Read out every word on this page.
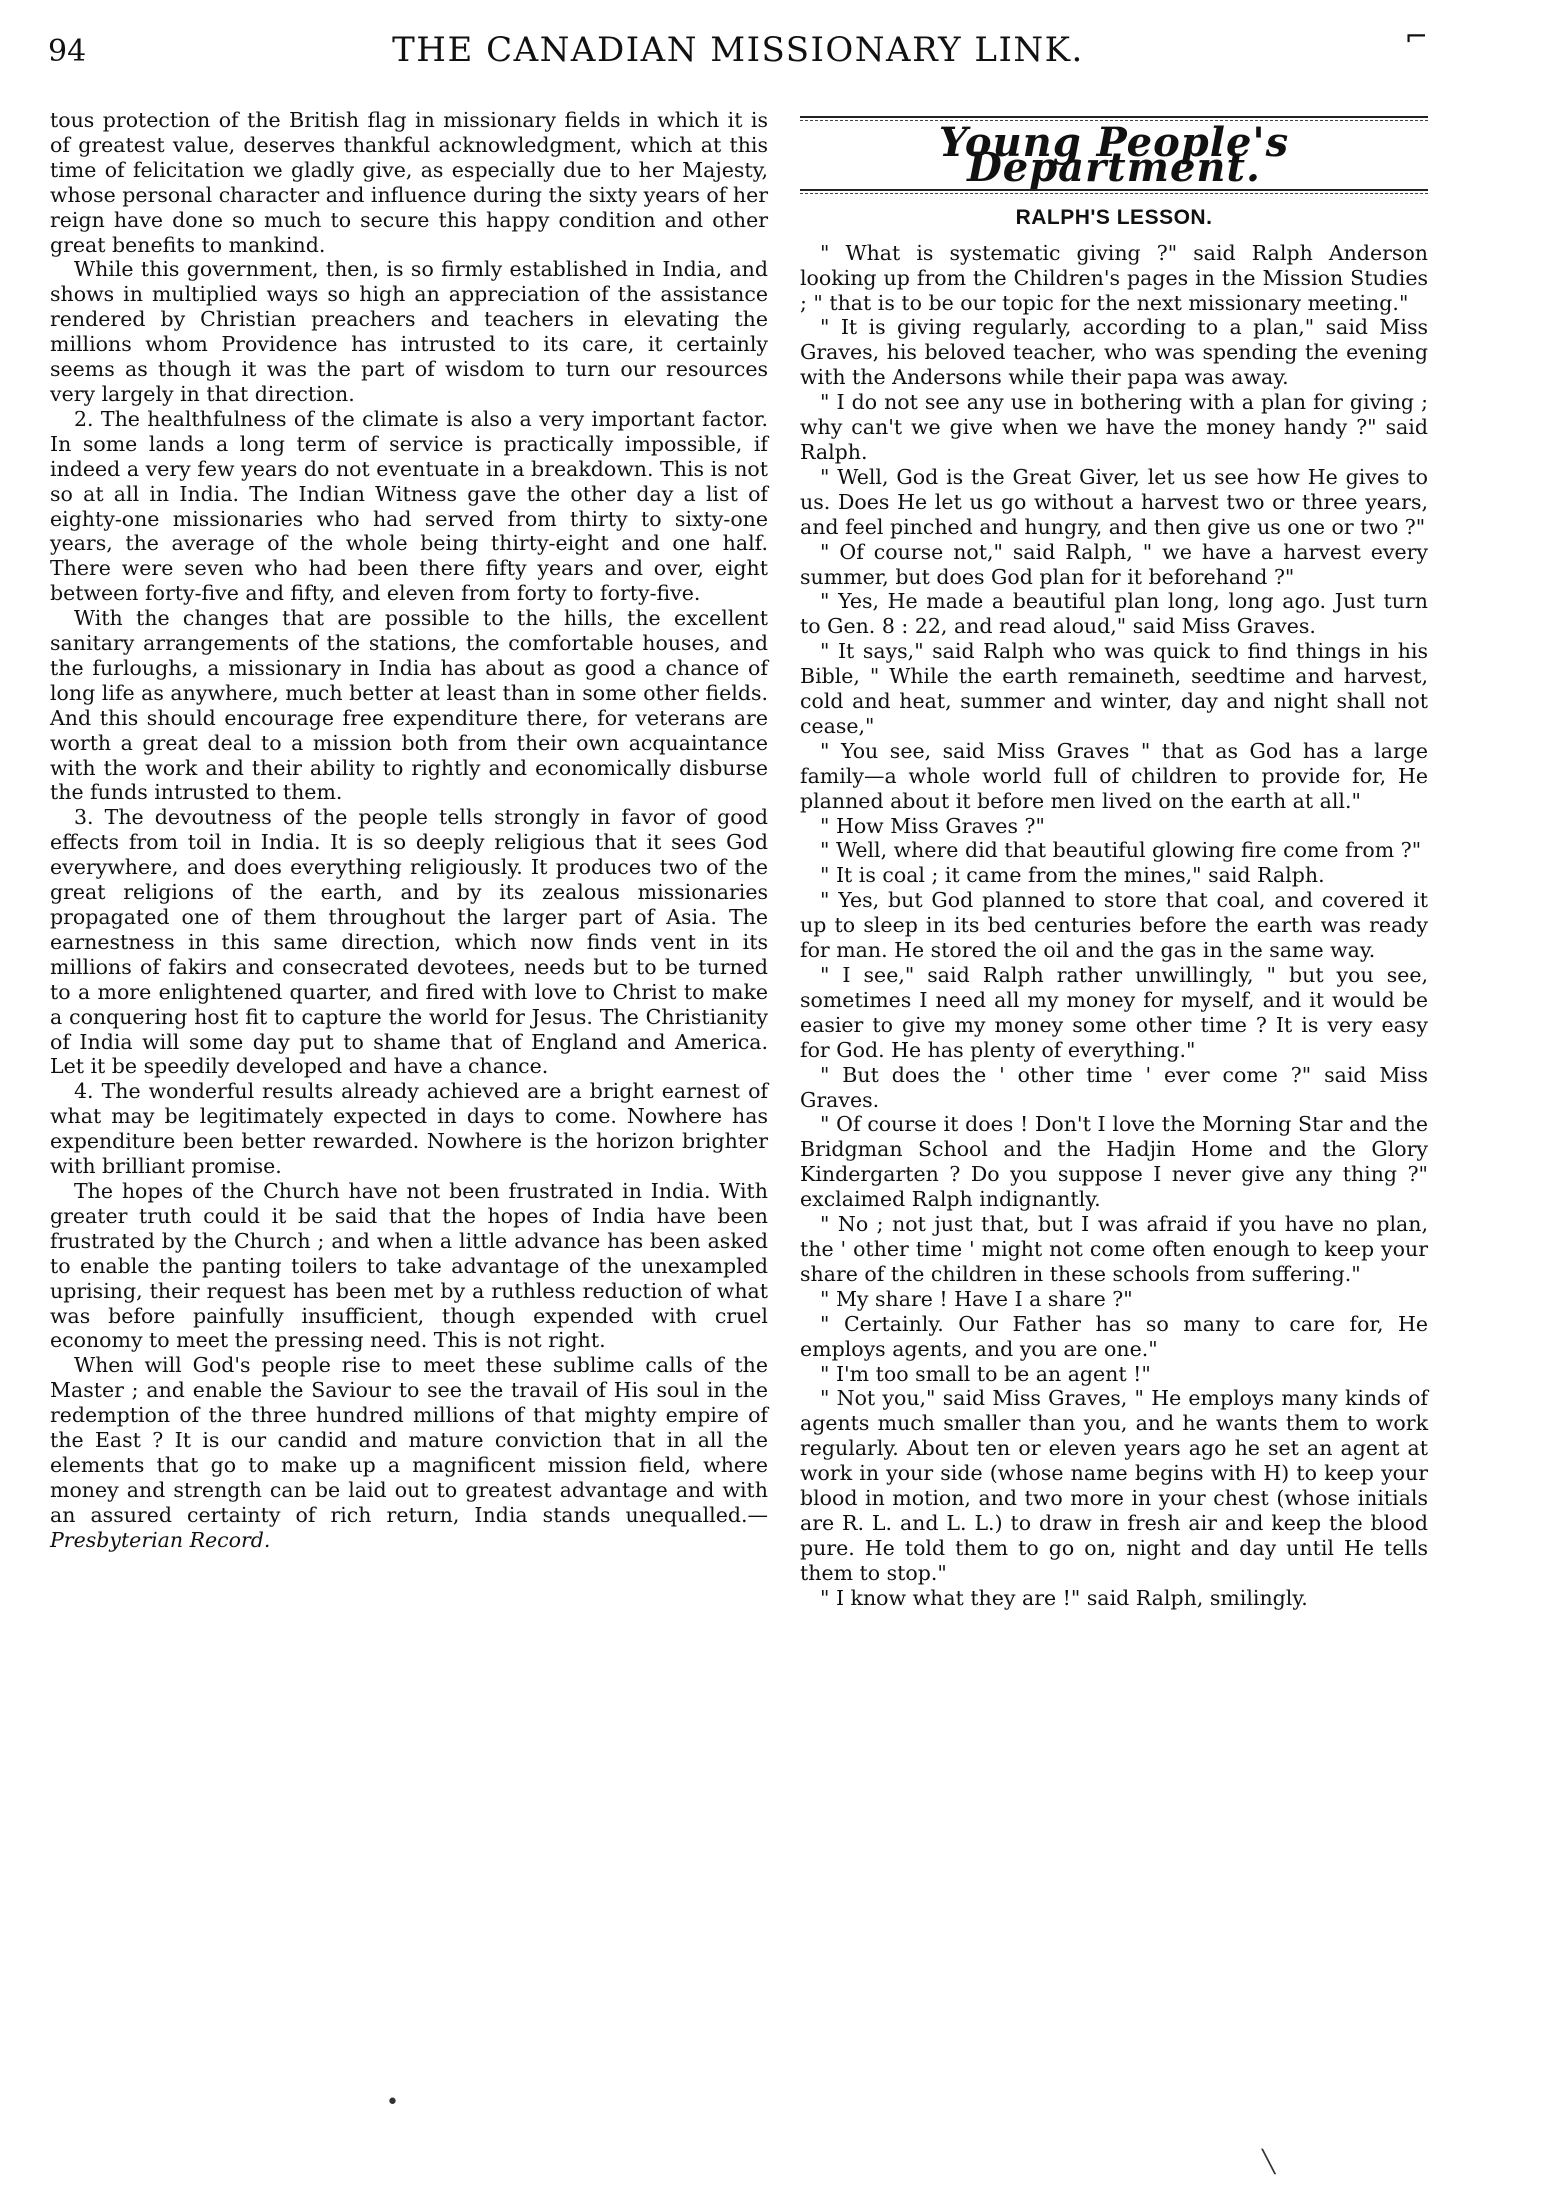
94	THE CANADIAN MISSIONARY LINK.	⌐

tous protection of the British flag in missionary fields in which it is of greatest value, deserves thankful acknowledgment, which at this time of felicitation we gladly give, as especially due to her Majesty, whose personal character and influence during the sixty years of her reign have done so much to secure this happy condition and other great benefits to mankind.

While this government, then, is so firmly established in India, and shows in multiplied ways so high an appreciation of the assistance rendered by Christian preachers and teachers in elevating the millions whom Providence has intrusted to its care, it certainly seems as though it was the part of wisdom to turn our resources very largely in that direction.

2. The healthfulness of the climate is also a very important factor. In some lands a long term of service is practically impossible, if indeed a very few years do not eventuate in a breakdown. This is not so at all in India. The Indian Witness gave the other day a list of eighty-one missionaries who had served from thirty to sixty-one years, the average of the whole being thirty-eight and one half. There were seven who had been there fifty years and over, eight between forty-five and fifty, and eleven from forty to forty-five.

With the changes that are possible to the hills, the excellent sanitary arrangements of the stations, the comfortable houses, and the furloughs, a missionary in India has about as good a chance of long life as anywhere, much better at least than in some other fields. And this should encourage free expenditure there, for veterans are worth a great deal to a mission both from their own acquaintance with the work and their ability to rightly and economically disburse the funds intrusted to them.

3. The devoutness of the people tells strongly in favor of good effects from toil in India. It is so deeply religious that it sees God everywhere, and does everything religiously. It produces two of the great religions of the earth, and by its zealous missionaries propagated one of them throughout the larger part of Asia. The earnestness in this same direction, which now finds vent in its millions of fakirs and consecrated devotees, needs but to be turned to a more enlightened quarter, and fired with love to Christ to make a conquering host fit to capture the world for Jesus. The Christianity of India will some day put to shame that of England and America. Let it be speedily developed and have a chance.

4. The wonderful results already achieved are a bright earnest of what may be legitimately expected in days to come. Nowhere has expenditure been better rewarded. Nowhere is the horizon brighter with brilliant promise.

The hopes of the Church have not been frustrated in India. With greater truth could it be said that the hopes of India have been frustrated by the Church ; and when a little advance has been asked to enable the panting toilers to take advantage of the unexampled uprising, their request has been met by a ruthless reduction of what was before painfully insufficient, though expended with cruel economy to meet the pressing need. This is not right.

When will God's people rise to meet these sublime calls of the Master ; and enable the Saviour to see the travail of His soul in the redemption of the three hundred millions of that mighty empire of the East ? It is our candid and mature conviction that in all the elements that go to make up a magnificent mission field, where money and strength can be laid out to greatest advantage and with an assured certainty of rich return, India stands unequalled.—Presbyterian Record.

Young People's Department.
RALPH'S LESSON.

" What is systematic giving ?" said Ralph Anderson looking up from the Children's pages in the Mission Studies ; " that is to be our topic for the next missionary meeting."

" It is giving regularly, according to a plan," said Miss Graves, his beloved teacher, who was spending the evening with the Andersons while their papa was away.

" I do not see any use in bothering with a plan for giving ; why can't we give when we have the money handy ?" said Ralph.

" Well, God is the Great Giver, let us see how He gives to us. Does He let us go without a harvest two or three years, and feel pinched and hungry, and then give us one or two ?"

" Of course not," said Ralph, " we have a harvest every summer, but does God plan for it beforehand ?"

" Yes, He made a beautiful plan long, long ago. Just turn to Gen. 8 : 22, and read aloud," said Miss Graves.

" It says," said Ralph who was quick to find things in his Bible, " While the earth remaineth, seedtime and harvest, cold and heat, summer and winter, day and night shall not cease,"

" You see, said Miss Graves " that as God has a large family—a whole world full of children to provide for, He planned about it before men lived on the earth at all."

" How Miss Graves ?"

" Well, where did that beautiful glowing fire come from ?"

" It is coal ; it came from the mines," said Ralph.

" Yes, but God planned to store that coal, and covered it up to sleep in its bed centuries before the earth was ready for man. He stored the oil and the gas in the same way.

" I see," said Ralph rather unwillingly, " but you see, sometimes I need all my money for myself, and it would be easier to give my money some other time ? It is very easy for God. He has plenty of everything."

" But does the ' other time ' ever come ?" said Miss Graves.

" Of course it does ! Don't I love the Morning Star and the Bridgman School and the Hadjin Home and the Glory Kindergarten ? Do you suppose I never give any thing ?" exclaimed Ralph indignantly.

" No ; not just that, but I was afraid if you have no plan, the ' other time ' might not come often enough to keep your share of the children in these schools from suffering."

" My share ! Have I a share ?"

" Certainly. Our Father has so many to care for, He employs agents, and you are one."

" I'm too small to be an agent !"

" Not you," said Miss Graves, " He employs many kinds of agents much smaller than you, and he wants them to work regularly. About ten or eleven years ago he set an agent at work in your side (whose name begins with H) to keep your blood in motion, and two more in your chest (whose initials are R. L. and L. L.) to draw in fresh air and keep the blood pure. He told them to go on, night and day until He tells them to stop."

" I know what they are !" said Ralph, smilingly.

•
╲
